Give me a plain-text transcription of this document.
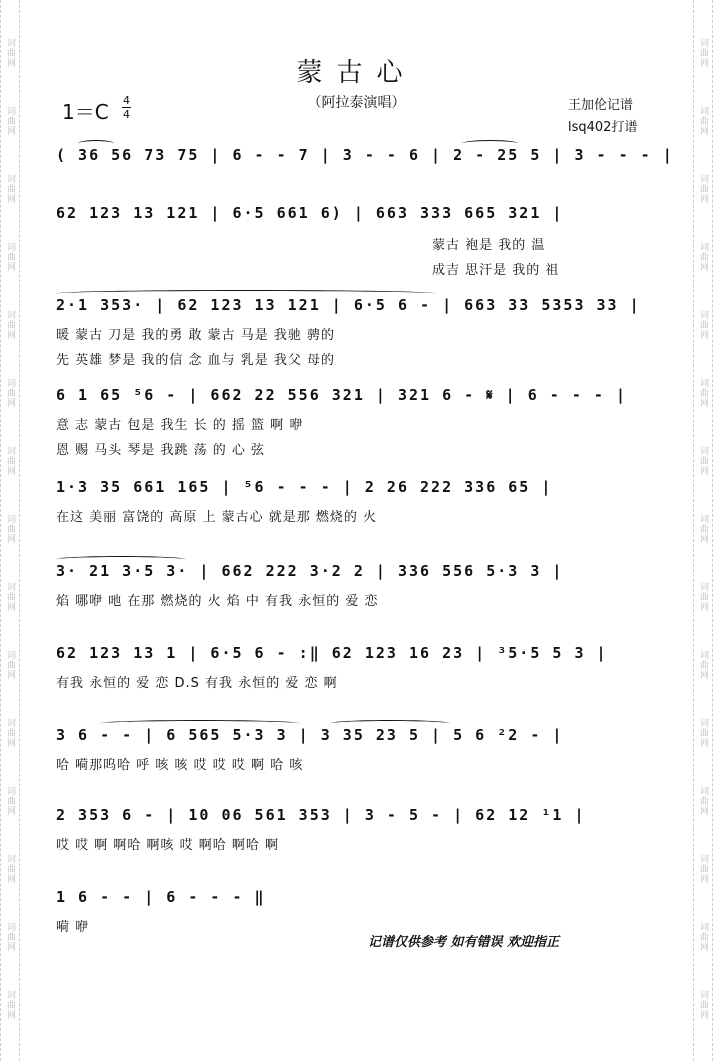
词曲网
词曲网
词曲网
词曲网
词曲网
词曲网
词曲网
词曲网
词曲网
词曲网
词曲网
词曲网
词曲网
词曲网
词曲网
词曲网
词曲网
词曲网
词曲网
词曲网
词曲网
词曲网
词曲网
词曲网
词曲网
词曲网
词曲网
词曲网
词曲网
词曲网
蒙古心
（阿拉泰演唱）
1＝C 4
4
王加伦记谱
lsq402打谱
( 36 56 73 75 | 6 - - 7 | 3 - - 6 | 2 - 25 5 | 3 - - - |
62 123 13 121 | 6·5 661 6) | 663 333 665 321 |
蒙古 袍是 我的 温
成吉 思汗是 我的 祖
2·1 353· | 62 123 13 121 | 6·5 6 - | 663 33 5353 33 |
暖 蒙古 刀是 我的勇 敢 蒙古 马是 我驰 骋的
先 英雄 梦是 我的信 念 血与 乳是 我父 母的
6 1 65 ⁵6 - | 662 22 556 321 | 321 6 - 𝄋 | 6 - - - |
意 志 蒙古 包是 我生 长 的 摇 篮 啊 咿
恩 赐 马头 琴是 我跳 荡 的 心 弦
1·3 35 661 165 | ⁵6 - - - | 2 26 222 336 65 |
在这 美丽 富饶的 高原 上 蒙古心 就是那 燃烧的 火
3· 21 3·5 3· | 662 222 3·2 2 | 336 556 5·3 3 |
焰 哪咿 吔 在那 燃烧的 火 焰 中 有我 永恒的 爱 恋
62 123 13 1 | 6·5 6 - :‖ 62 123 16 23 | ³5·5 5 3 |
有我 永恒的 爱 恋 D.S 有我 永恒的 爱 恋 啊
3 6 - - | 6 565 5·3 3 | 3 35 23 5 | 5 6 ²2 - |
哈 嗬那呜哈 呼 咳 咳 哎 哎 哎 啊 哈 咳
2 353 6 - | 10 06 561 353 | 3 - 5 - | 62 12 ¹1 |
哎 哎 啊 啊哈 啊咳 哎 啊哈 啊哈 啊
1 6 - - | 6 - - - ‖
嗬 咿
记谱仅供参考 如有错误 欢迎指正
